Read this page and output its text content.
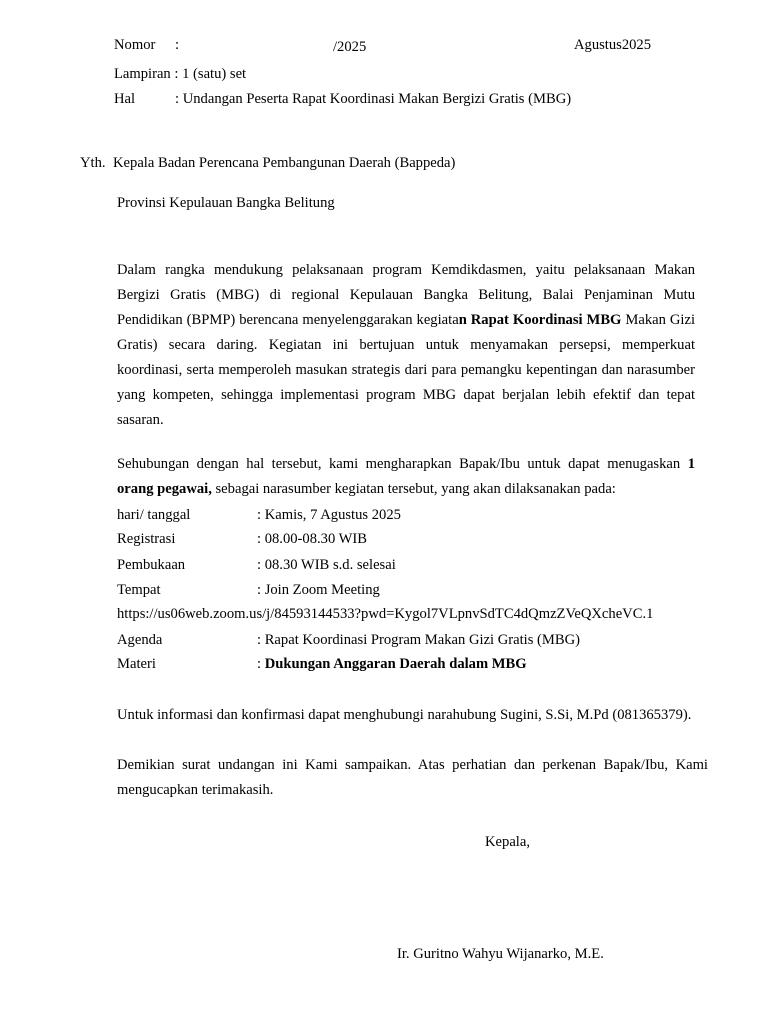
Nomor :	/2025	Agustus2025
Lampiran : 1 (satu) set
Hal	: Undangan Peserta Rapat Koordinasi Makan Bergizi Gratis (MBG)
Yth. Kepala Badan Perencana Pembangunan Daerah (Bappeda)
Provinsi Kepulauan Bangka Belitung

Dalam rangka mendukung pelaksanaan program Kemdikdasmen, yaitu pelaksanaan Makan Bergizi Gratis (MBG) di regional Kepulauan Bangka Belitung, Balai Penjaminan Mutu Pendidikan (BPMP) berencana menyelenggarakan kegiatan Rapat Koordinasi MBG Makan Gizi Gratis) secara daring. Kegiatan ini bertujuan untuk menyamakan persepsi, memperkuat koordinasi, serta memperoleh masukan strategis dari para pemangku kepentingan dan narasumber yang kompeten, sehingga implementasi program MBG dapat berjalan lebih efektif dan tepat sasaran.

Sehubungan dengan hal tersebut, kami mengharapkan Bapak/Ibu untuk dapat menugaskan 1 orang pegawai, sebagai narasumber kegiatan tersebut, yang akan dilaksanakan pada:

hari/ tanggal	: Kamis, 7 Agustus 2025
Registrasi	: 08.00-08.30 WIB
Pembukaan	: 08.30 WIB s.d. selesai
Tempat	: Join Zoom Meeting
https://us06web.zoom.us/j/84593144533?pwd=Kygol7VLpnvSdTC4dQmzZVeQXcheVC.1
Agenda	: Rapat Koordinasi Program Makan Gizi Gratis (MBG)
Materi	: Dukungan Anggaran Daerah dalam MBG

Untuk informasi dan konfirmasi dapat menghubungi narahubung Sugini, S.Si, M.Pd (081365379).

Demikian surat undangan ini Kami sampaikan. Atas perhatian dan perkenan Bapak/Ibu, Kami mengucapkan terimakasih.

Kepala,
Ir. Guritno Wahyu Wijanarko, M.E.
